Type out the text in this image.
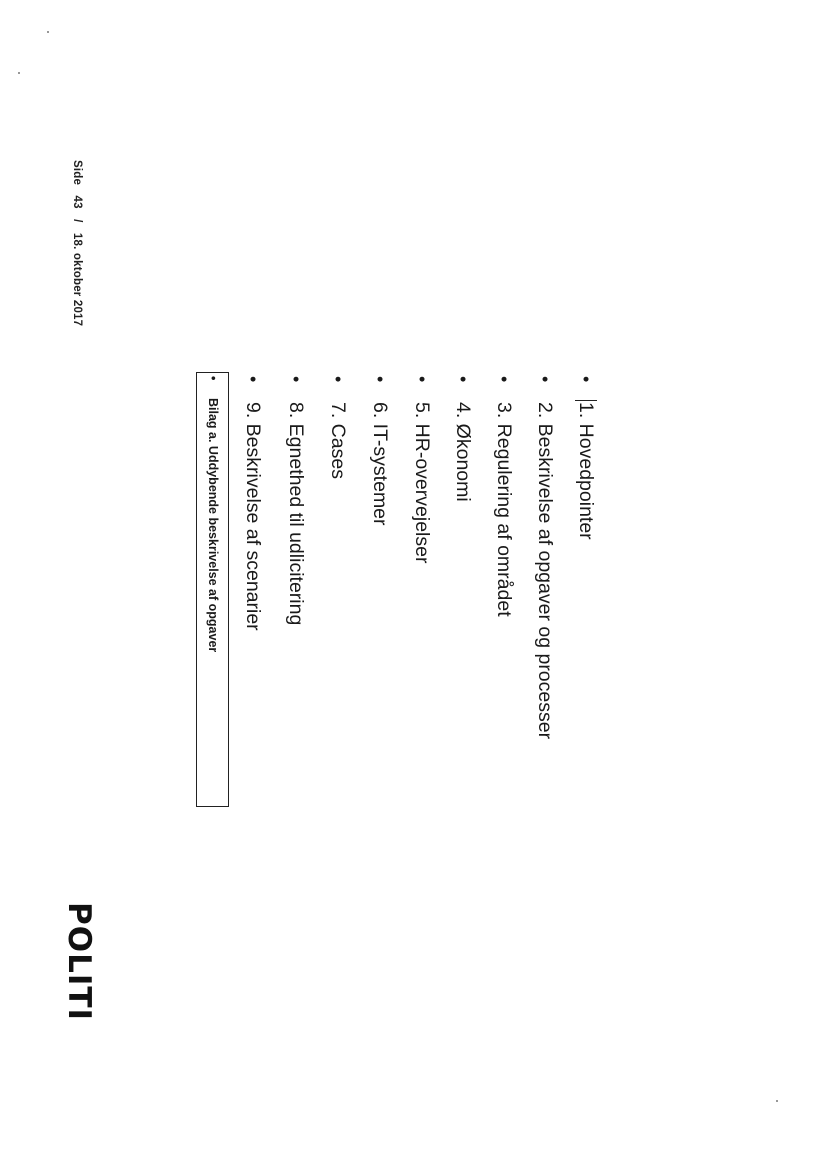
Side 43 / 18. oktober 2017
•1. Hovedpointer
•2. Beskrivelse af opgaver og processer
•3. Regulering af området
•4. Økonomi
•5. HR-overvejelser
•6. IT-systemer
•7. Cases
•8. Egnethed til udlicitering
•9. Beskrivelse af scenarier
•Bilag a. Uddybende beskrivelse af opgaver
POLITI
